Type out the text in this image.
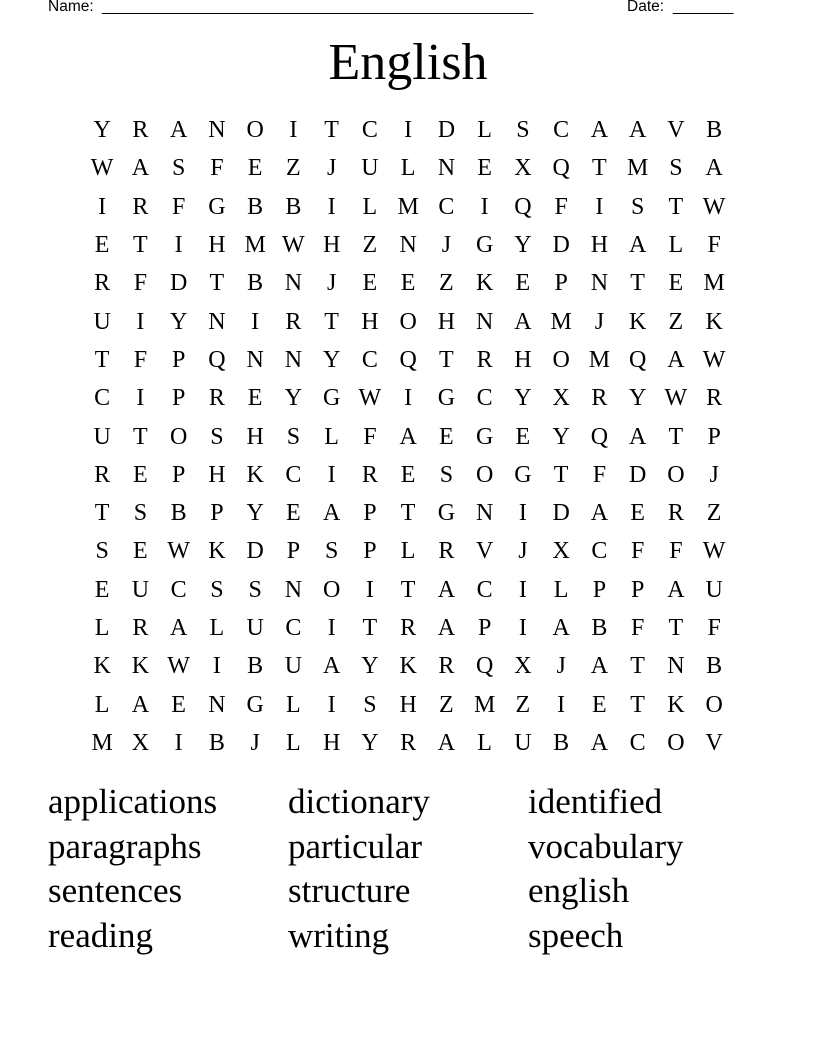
Name: __________________________________________________	Date: _______
English
Y R A N O	I	T C	I	D L	S C A A V B
W A S	F	E Z	J	U L N E X Q T M S A
I	R F G B B	I	L M C	I	Q F	I	S	T W
E T	I	H M W H Z N	J	G Y D H A L	F
R F D T B N	J	E E Z K E	P N T E M
U	I	Y N	I	R T H O H N A M J	K Z K
T	F	P Q N N Y C Q T R H O M Q A W
C	I	P R E Y G W I	G C Y X R Y W R
U T O S H S	L	F A E G E Y Q A T	P
R E	P H K C	I	R E	S O G T	F D O	J
T	S B P Y E A P	T G N	I	D A E R Z
S	E W K D P	S	P	L R V	J	X C F	F W
E U C S	S N O	I	T A C	I	L	P	P A U
L R A L U C	I	T R A P	I	A B F	T	F
K K W I	B U A Y K R Q X	J	A T N B
L A E N G L	I	S H Z M Z	I	E T K O
M X	I	B	J	L H Y R A L U B A C O V
applications	dictionary	identified
paragraphs	particular	vocabulary
sentences	structure	english
reading	writing	speech
